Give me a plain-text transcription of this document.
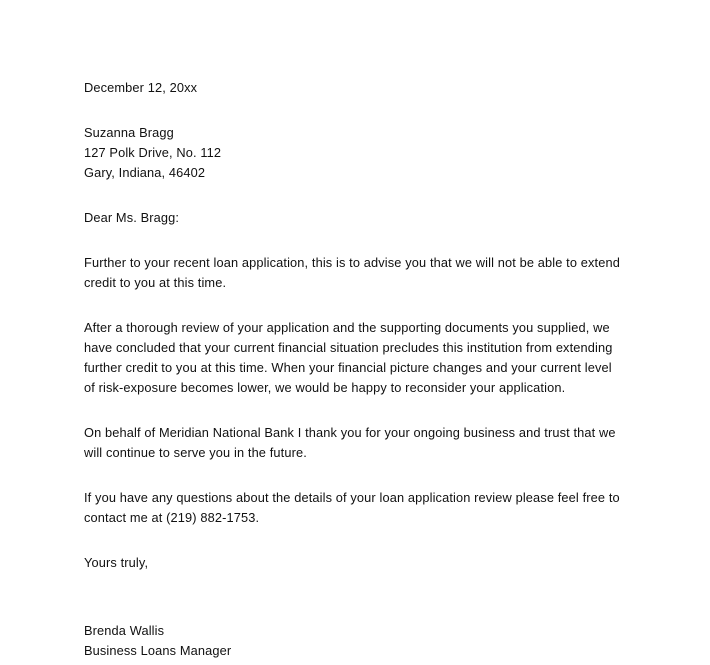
December 12, 20xx

Suzanna Bragg
127 Polk Drive, No. 112
Gary, Indiana, 46402

Dear Ms. Bragg:

Further to your recent loan application, this is to advise you that we will not be able to extend credit to you at this time.

After a thorough review of your application and the supporting documents you supplied, we have concluded that your current financial situation precludes this institution from extending further credit to you at this time. When your financial picture changes and your current level of risk-exposure becomes lower, we would be happy to reconsider your application.

On behalf of Meridian National Bank I thank you for your ongoing business and trust that we will continue to serve you in the future.

If you have any questions about the details of your loan application review please feel free to contact me at (219) 882-1753.

Yours truly,

Brenda Wallis
Business Loans Manager
